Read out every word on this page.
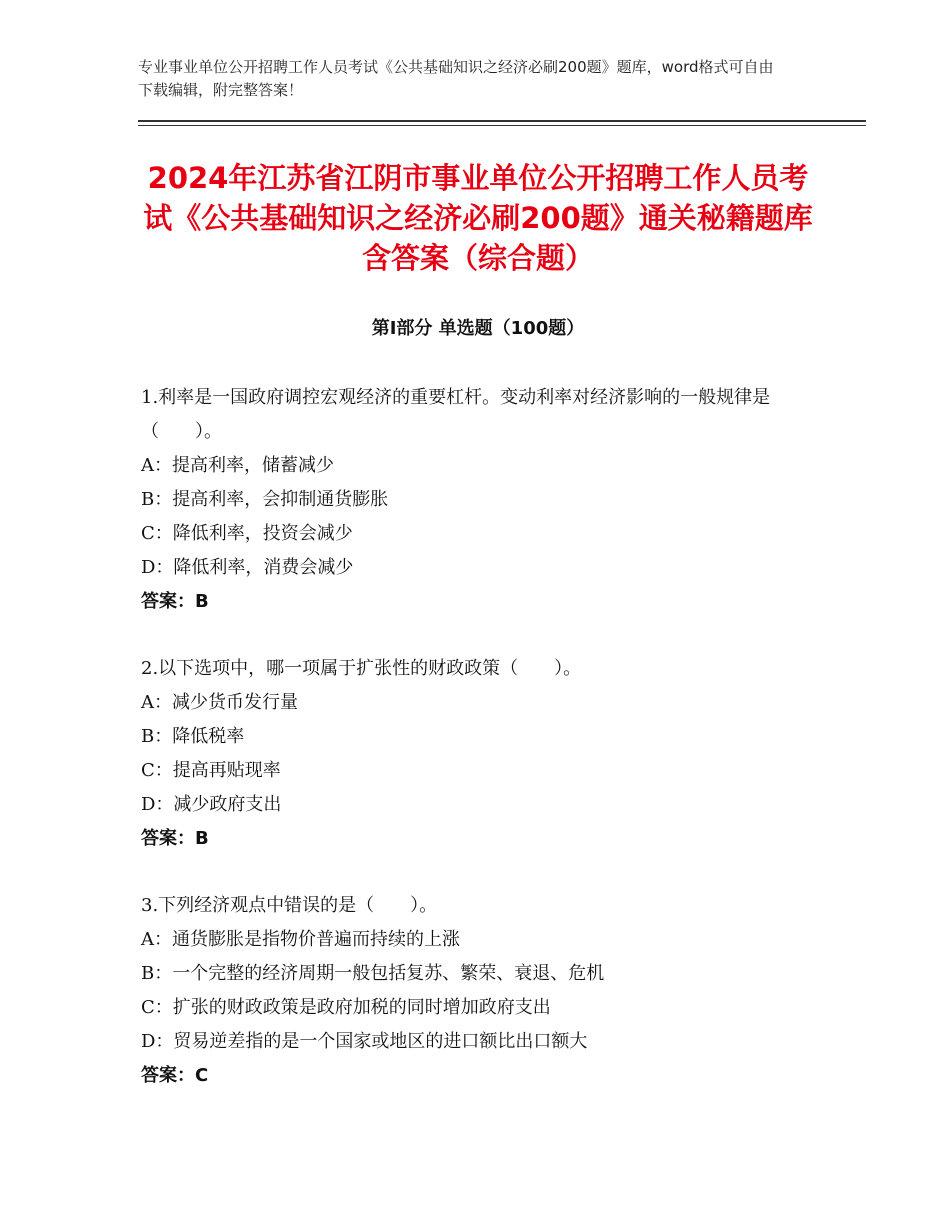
专业事业单位公开招聘工作人员考试《公共基础知识之经济必刷200题》题库，word格式可自由下载编辑，附完整答案！
2024年江苏省江阴市事业单位公开招聘工作人员考试《公共基础知识之经济必刷200题》通关秘籍题库含答案（综合题）
第Ⅰ部分 单选题（100题）
1.利率是一国政府调控宏观经济的重要杠杆。变动利率对经济影响的一般规律是（　　）。
A：提高利率，储蓄减少
B：提高利率，会抑制通货膨胀
C：降低利率，投资会减少
D：降低利率，消费会减少
答案：B
2.以下选项中，哪一项属于扩张性的财政政策（　　）。
A：减少货币发行量
B：降低税率
C：提高再贴现率
D：减少政府支出
答案：B
3.下列经济观点中错误的是（　　）。
A：通货膨胀是指物价普遍而持续的上涨
B：一个完整的经济周期一般包括复苏、繁荣、衰退、危机
C：扩张的财政政策是政府加税的同时增加政府支出
D：贸易逆差指的是一个国家或地区的进口额比出口额大
答案：C
